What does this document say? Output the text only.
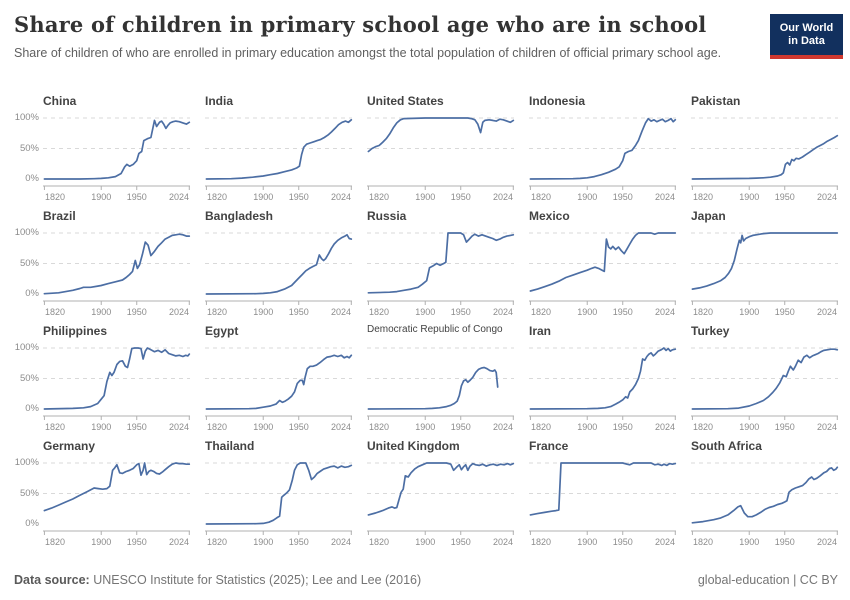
Share of children in primary school age who are in school
Share of children of who are enrolled in primary education amongst the total population of children of official primary school age.
Our World
in Data
China
100%
50%
0%
1820	1900 1950 2024
India
1820	1900 1950 2024
United States
1820	1900 1950 2024
Indonesia
1820	1900 1950 2024
Pakistan
1820	1900 1950 2024
Brazil
100%
50%
0%
1820	1900 1950 2024
Bangladesh
1820	1900 1950 2024
Russia
1820	1900 1950 2024
Mexico
1820	1900 1950 2024
Japan
1820	1900 1950 2024
Philippines
100%
50%
0%
1820	1900 1950 2024
Egypt
1820	1900 1950 2024
Democratic Republic of Congo
1820	1900 1950 2024
Iran
1820	1900 1950 2024
Turkey
1820	1900 1950 2024
Germany
100%
50%
0%
1820	1900 1950 2024
Thailand
1820	1900 1950 2024
United Kingdom
1820	1900 1950 2024
France
1820	1900 1950 2024
South Africa
1820	1900 1950 2024
Data source: UNESCO Institute for Statistics (2025); Lee and Lee (2016)	global-education | CC BY
